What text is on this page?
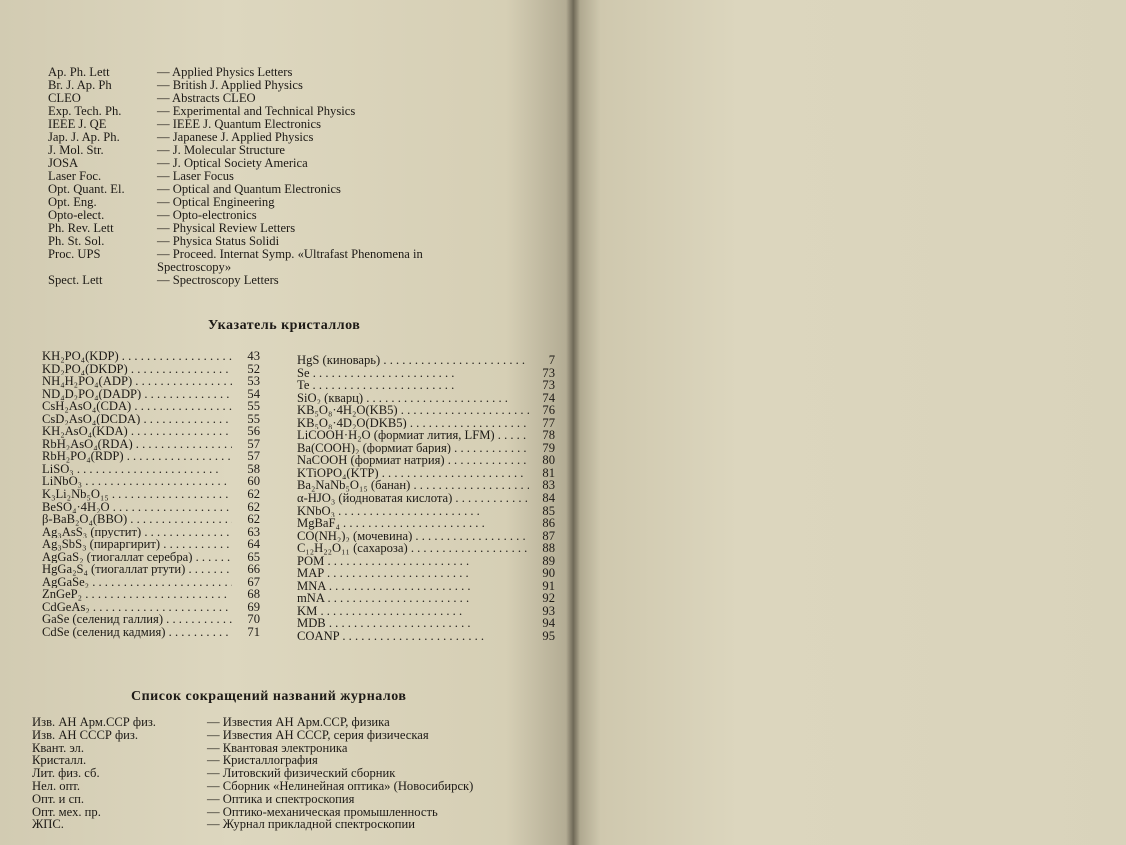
Ap. Ph. Lett	— Applied Physics Letters
Br. J. Ap. Ph	— British J. Applied Physics
CLEO	— Abstracts CLEO
Exp. Tech. Ph.	— Experimental and Technical Physics
IEEE J. QE	— IEEE J. Quantum Electronics
Jap. J. Ap. Ph.	— Japanese J. Applied Physics
J. Mol. Str.	— J. Molecular Structure
JOSA	— J. Optical Society America
Laser Foc.	— Laser Focus
Opt. Quant. El.	— Optical and Quantum Electronics
Opt. Eng.	— Optical Engineering
Opto-elect.	— Opto-electronics
Ph. Rev. Lett	— Physical Review Letters
Ph. St. Sol.	— Physica Status Solidi
Proc. UPS	— Proceed. Internat Symp. «Ultrafast Phenomena in Spectroscopy»
Spect. Lett	— Spectroscopy Letters
Указатель кристаллов
KH₂PO₄(KDP) . .	43
KD₂PO₄(DKDP) . .	52
NH₄H₂PO₄(ADP) . .	53
ND₄D₂PO₄(DADP) . .	54
CsH₂AsO₄(CDA) . .	55
CsD₂AsO₄(DCDA) . .	55
KH₂AsO₄(KDA) . .	56
RbH₂AsO₄(RDA) . .	57
RbH₂PO₄(RDP) . .	57
LiSO₃ . .	58
LiNbO₃ . .	60
K₃Li₂Nb₅O₁₅ . .	62
BeSO₄·4H₂O . .	62
β-BaB₂O₄(BBO) . .	62
Ag₃AsS₃ (прустит) . .	63
Ag₃SbS₃ (пираргирит) . .	64
AgGaS₂ (тиогаллат серебра) . .	65
HgGa₂S₄ (тиогаллат ртути) . .	66
AgGaSe₂ . .	67
ZnGeP₂ . .	68
CdGeAs₂ . .	69
GaSe (селенид галлия) . .	70
CdSe (селенид кадмия) . .	71
HgS (киноварь) . .	7
Se . .	73
Te . .	73
SiO₂ (кварц) . .	74
KB₅O₈·4H₂O(KB5) . .	76
KB₅O₈·4D₂O(DKB5) . .	77
LiCOOH·H₂O (формиат лития, LFM) . .	78
Ba(COOH)₂ (формиат бария) . .	79
NaCOOH (формиат натрия) . .	80
KTiOPO₄(KTP) . .	81
Ba₂NaNb₅O₁₅ (банан) . .	83
α-HJO₃ (йодноватая кислота) . .	84
KNbO₃ . .	85
MgBaF₄ . .	86
CO(NH₂)₂ (мочевина) . .	87
C₁₂H₂₂O₁₁ (сахароза) . .	88
POM . .	89
MAP . .	90
MNA . .	91
mNA . .	92
KM . .	93
MDB . .	94
COANP . .	95
Список сокращений названий журналов
Изв. АН Арм.ССР физ.	— Известия АН Арм.ССР, физика
Изв. АН СССР физ.	— Известия АН СССР, серия физическая
Квант. эл.	— Квантовая электроника
Кристалл.	— Кристаллография
Лит. физ. сб.	— Литовский физический сборник
Нел. опт.	— Сборник «Нелинейная оптика» (Новосибирск)
Опт. и сп.	— Оптика и спектроскопия
Опт. мех. пр.	— Оптико-механическая промышленность
ЖПС.	— Журнал прикладной спектроскопии
